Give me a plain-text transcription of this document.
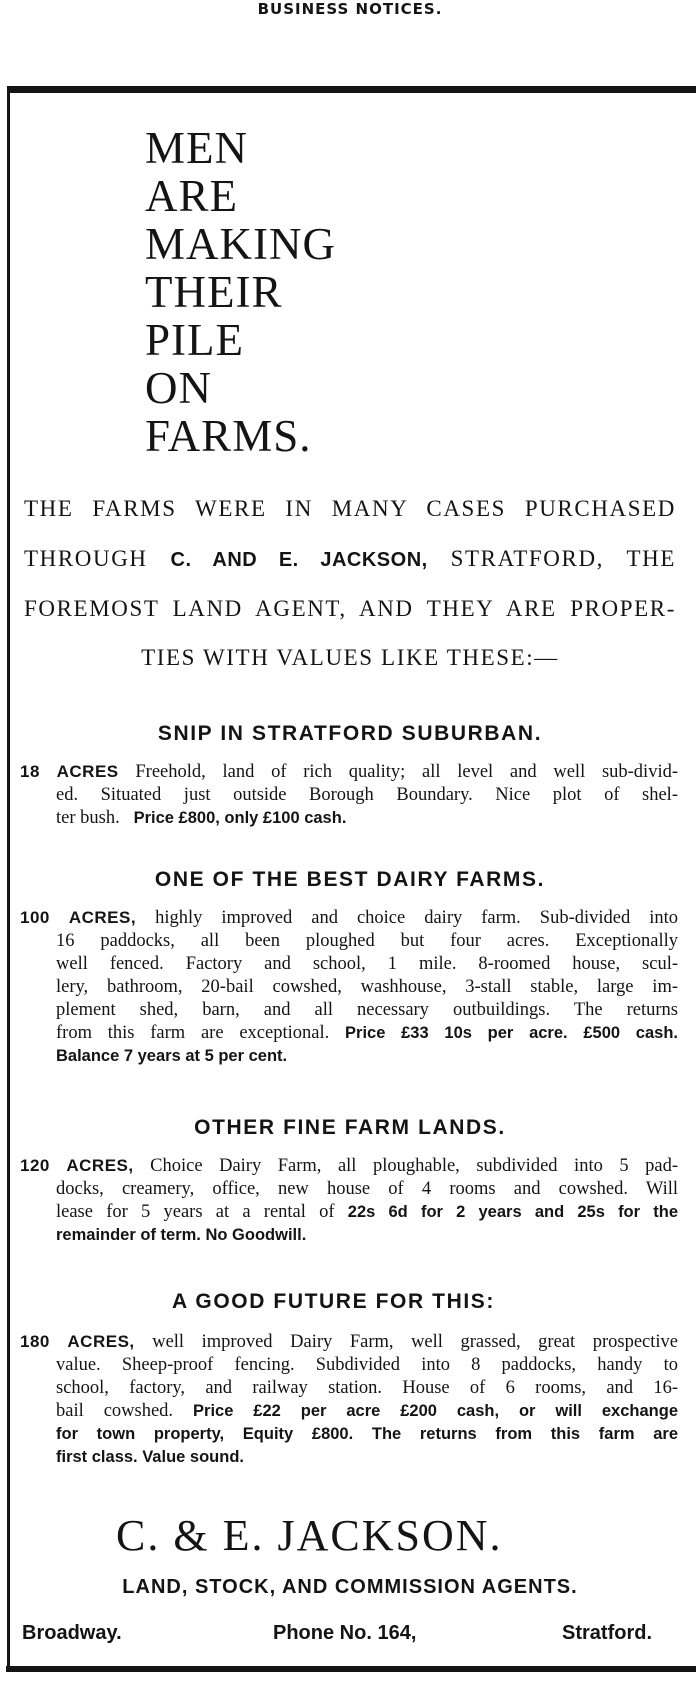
BUSINESS NOTICES.
MEN
ARE
MAKING
THEIR
PILE
ON
FARMS.
THE FARMS WERE IN MANY CASES PURCHASED
THROUGH C. AND E. JACKSON, STRATFORD, THE
FOREMOST LAND AGENT, AND THEY ARE PROPER-
TIES WITH VALUES LIKE THESE:—
SNIP IN STRATFORD SUBURBAN.
18 ACRES Freehold, land of rich quality; all level and well sub-divid-
ed. Situated just outside Borough Boundary. Nice plot of shel-
ter bush. Price £800, only £100 cash.
ONE OF THE BEST DAIRY FARMS.
100 ACRES, highly improved and choice dairy farm. Sub-divided into
16 paddocks, all been ploughed but four acres. Exceptionally
well fenced. Factory and school, 1 mile. 8-roomed house, scul-
lery, bathroom, 20-bail cowshed, washhouse, 3-stall stable, large im-
plement shed, barn, and all necessary outbuildings. The returns
from this farm are exceptional. Price £33 10s per acre. £500 cash.
Balance 7 years at 5 per cent.
OTHER FINE FARM LANDS.
120 ACRES, Choice Dairy Farm, all ploughable, subdivided into 5 pad-
docks, creamery, office, new house of 4 rooms and cowshed. Will
lease for 5 years at a rental of 22s 6d for 2 years and 25s for the
remainder of term. No Goodwill.
A GOOD FUTURE FOR THIS:
180 ACRES, well improved Dairy Farm, well grassed, great prospective
value. Sheep-proof fencing. Subdivided into 8 paddocks, handy to
school, factory, and railway station. House of 6 rooms, and 16-
bail cowshed. Price £22 per acre £200 cash, or will exchange
for town property, Equity £800. The returns from this farm are
first class. Value sound.
C. & E. JACKSON.
LAND, STOCK, AND COMMISSION AGENTS.
Broadway.	Phone No. 164,	Stratford.
